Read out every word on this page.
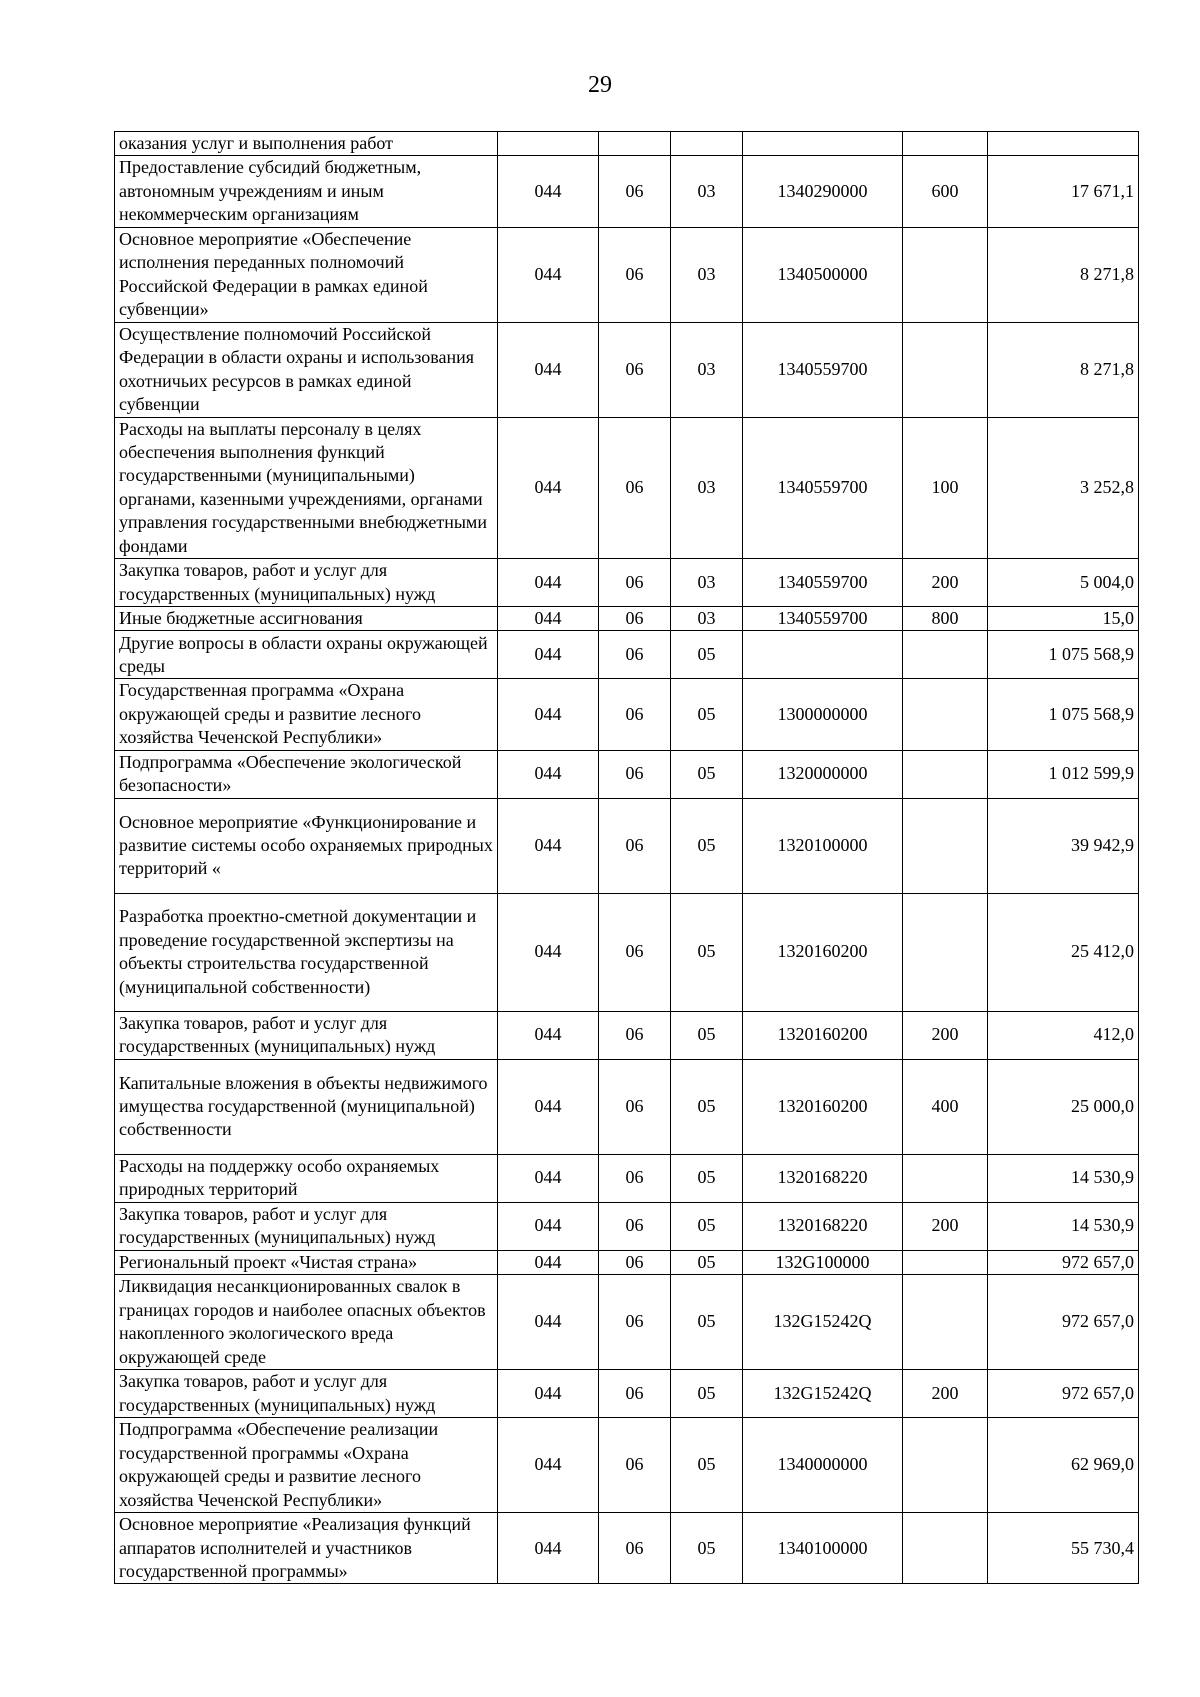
29
оказания услуг и выполнения работ						
Предоставление субсидий бюджетным, автономным учреждениям и иным некоммерческим организациям	044	06	03	1340290000	600	17 671,1
Основное мероприятие «Обеспечение исполнения переданных полномочий Российской Федерации в рамках единой субвенции»	044	06	03	1340500000		8 271,8
Осуществление полномочий Российской Федерации в области охраны и использования охотничьих ресурсов в рамках единой субвенции	044	06	03	1340559700		8 271,8
Расходы на выплаты персоналу в целях обеспечения выполнения функций государственными (муниципальными) органами, казенными учреждениями, органами управления государственными внебюджетными фондами	044	06	03	1340559700	100	3 252,8
Закупка товаров, работ и услуг для государственных (муниципальных) нужд	044	06	03	1340559700	200	5 004,0
Иные бюджетные ассигнования	044	06	03	1340559700	800	15,0
Другие вопросы в области охраны окружающей среды	044	06	05			1 075 568,9
Государственная программа «Охрана окружающей среды и развитие лесного хозяйства Чеченской Республики»	044	06	05	1300000000		1 075 568,9
Подпрограмма «Обеспечение экологической безопасности»	044	06	05	1320000000		1 012 599,9
Основное мероприятие «Функционирование и развитие системы особо охраняемых природных территорий «	044	06	05	1320100000		39 942,9
Разработка проектно-сметной документации и проведение государственной экспертизы на объекты строительства государственной (муниципальной собственности)	044	06	05	1320160200		25 412,0
Закупка товаров, работ и услуг для государственных (муниципальных) нужд	044	06	05	1320160200	200	412,0
Капитальные вложения в объекты недвижимого имущества государственной (муниципальной) собственности	044	06	05	1320160200	400	25 000,0
Расходы на поддержку особо охраняемых природных территорий	044	06	05	1320168220		14 530,9
Закупка товаров, работ и услуг для государственных (муниципальных) нужд	044	06	05	1320168220	200	14 530,9
Региональный проект «Чистая страна»	044	06	05	132G100000		972 657,0
Ликвидация несанкционированных свалок в границах городов и наиболее опасных объектов накопленного экологического вреда окружающей среде	044	06	05	132G15242Q		972 657,0
Закупка товаров, работ и услуг для государственных (муниципальных) нужд	044	06	05	132G15242Q	200	972 657,0
Подпрограмма «Обеспечение реализации государственной программы «Охрана окружающей среды и развитие лесного хозяйства Чеченской Республики»	044	06	05	1340000000		62 969,0
Основное мероприятие «Реализация функций аппаратов исполнителей и участников государственной программы»	044	06	05	1340100000		55 730,4
